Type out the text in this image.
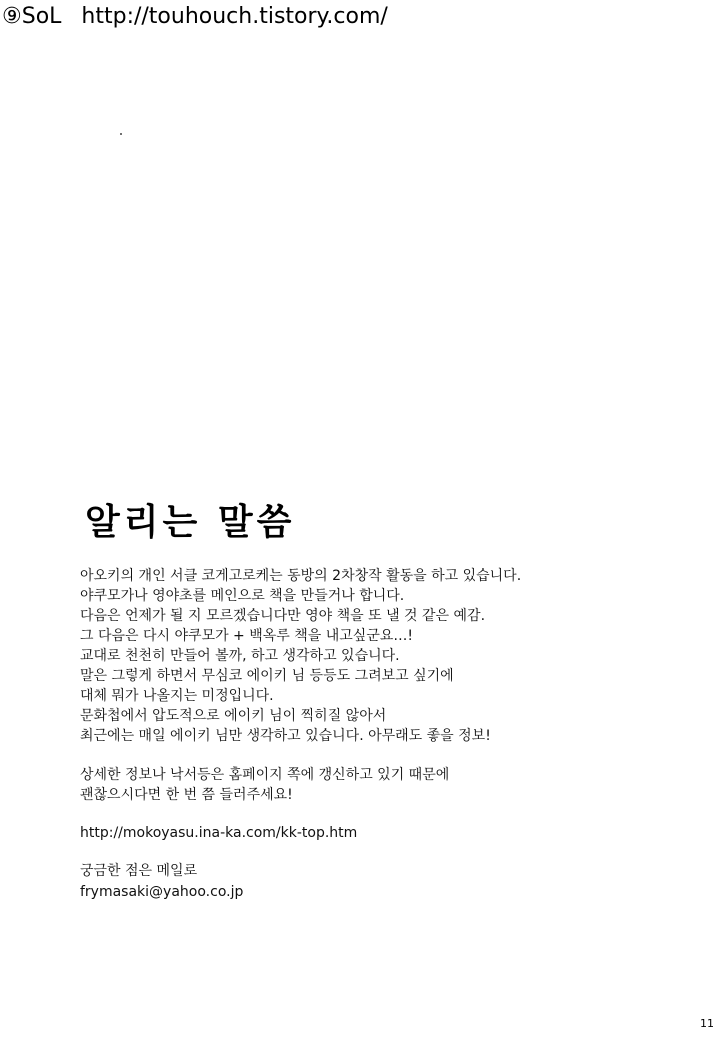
⑨SoL http://touhouch.tistory.com/
알리는 말씀
아오키의 개인 서클 코게고로케는 동방의 2차창작 활동을 하고 있습니다.
야쿠모가나 영야초를 메인으로 책을 만들거나 합니다.
다음은 언제가 될 지 모르겠습니다만 영야 책을 또 낼 것 같은 예감.
그 다음은 다시 야쿠모가 + 백옥루 책을 내고싶군요…!
교대로 천천히 만들어 볼까, 하고 생각하고 있습니다.
말은 그렇게 하면서 무심코 에이키 님 등등도 그려보고 싶기에
대체 뭐가 나올지는 미정입니다.
문화첩에서 압도적으로 에이키 님이 찍히질 않아서
최근에는 매일 에이키 님만 생각하고 있습니다. 아무래도 좋을 정보!
상세한 정보나 낙서등은 홈페이지 쪽에 갱신하고 있기 때문에
괜찮으시다면 한 번 쯤 들러주세요!
http://mokoyasu.ina-ka.com/kk-top.htm
궁금한 점은 메일로
frymasaki@yahoo.co.jp
11
